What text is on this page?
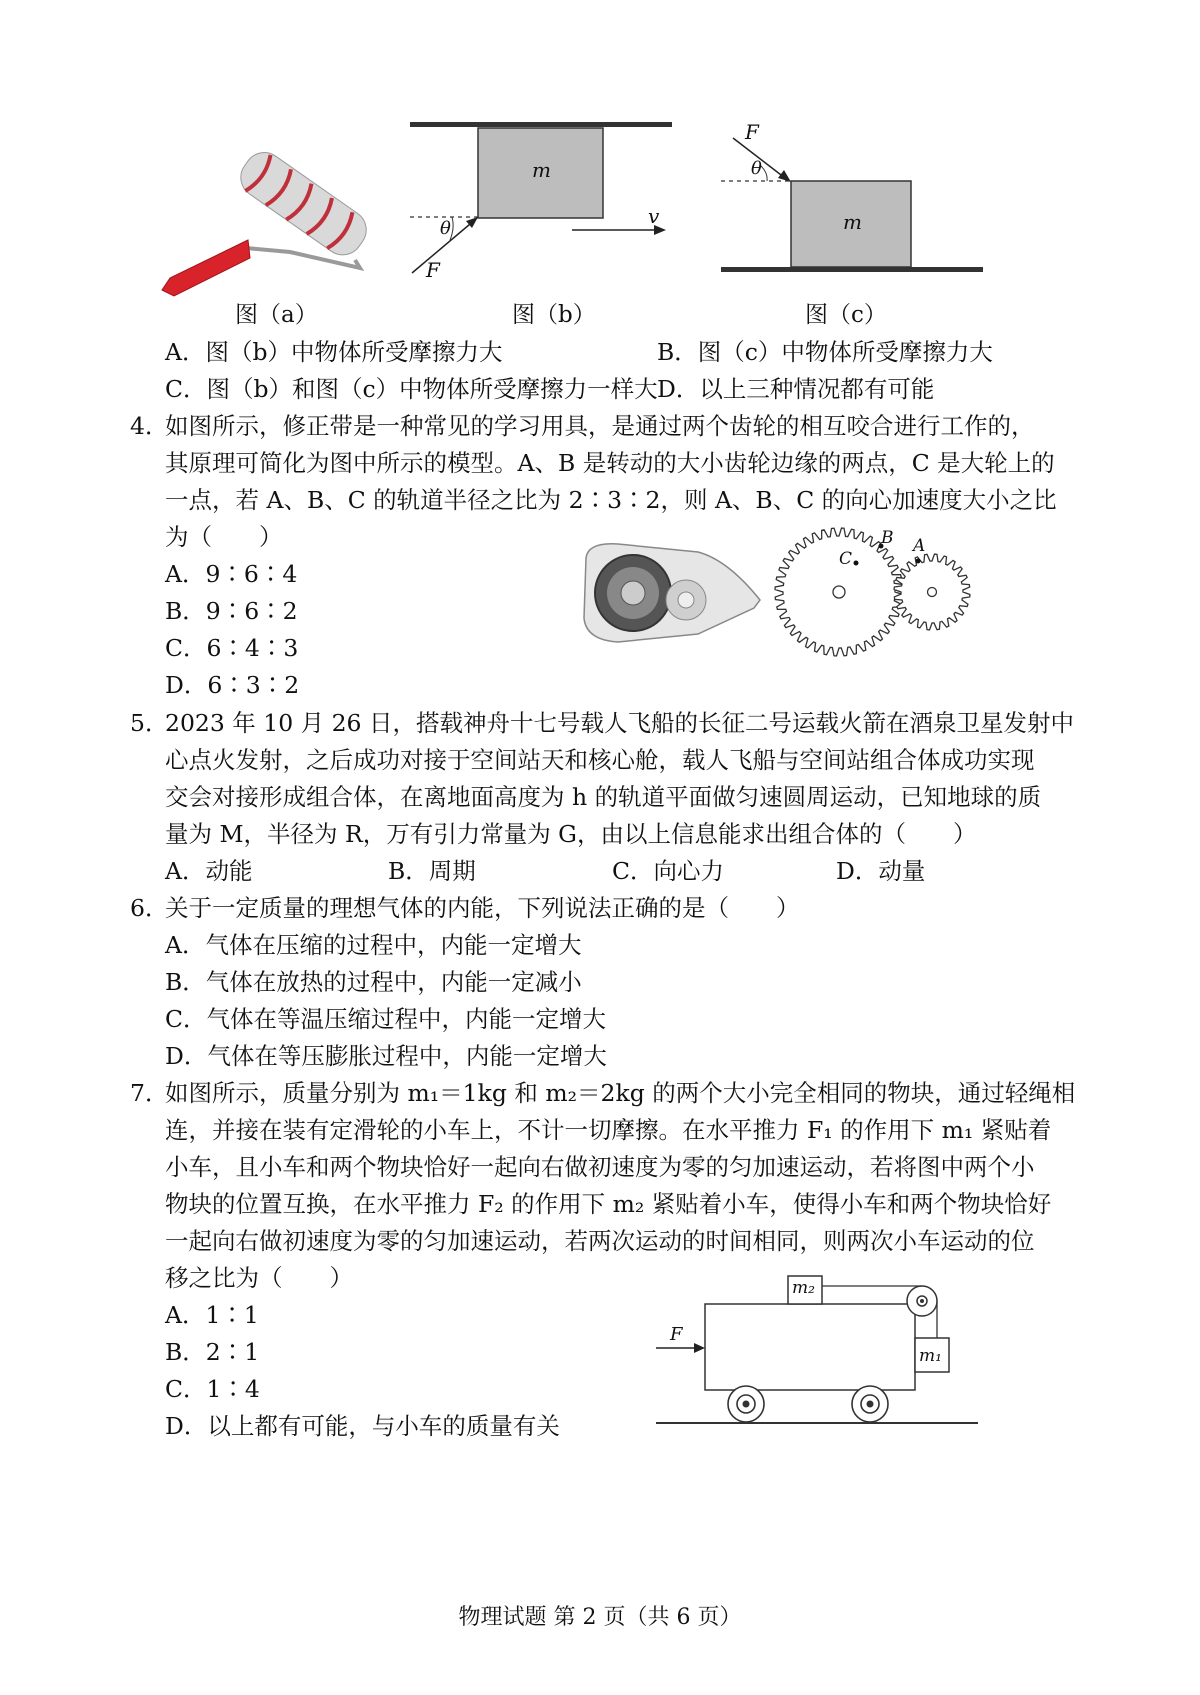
m
θ
F
v
F
θ
m
图（a）	图（b）	图（c）
A．图（b）中物体所受摩擦力大	B．图（c）中物体所受摩擦力大
C．图（b）和图（c）中物体所受摩擦力一样大 D．以上三种情况都有可能
4．
如图所示，修正带是一种常见的学习用具，是通过两个齿轮的相互咬合进行工作的，
其原理可简化为图中所示的模型。A、B 是转动的大小齿轮边缘的两点，C 是大轮上的
一点，若 A、B、C 的轨道半径之比为 2∶3∶2，则 A、B、C 的向心加速度大小之比
为（　　）
A．9∶6∶4
B．9∶6∶2
C．6∶4∶3
D．6∶3∶2
C
B A
5．
2023 年 10 月 26 日，搭载神舟十七号载人飞船的长征二号运载火箭在酒泉卫星发射中
心点火发射，之后成功对接于空间站天和核心舱，载人飞船与空间站组合体成功实现
交会对接形成组合体，在离地面高度为 h 的轨道平面做匀速圆周运动，已知地球的质
量为 M，半径为 R，万有引力常量为 G，由以上信息能求出组合体的（　　）
A．动能	B．周期	C．向心力	D．动量
6．
关于一定质量的理想气体的内能，下列说法正确的是（　　）
A．气体在压缩的过程中，内能一定增大
B．气体在放热的过程中，内能一定减小
C．气体在等温压缩过程中，内能一定增大
D．气体在等压膨胀过程中，内能一定增大
7．
如图所示，质量分别为 m₁＝1kg 和 m₂＝2kg 的两个大小完全相同的物块，通过轻绳相
连，并接在装有定滑轮的小车上，不计一切摩擦。在水平推力 F₁ 的作用下 m₁ 紧贴着
小车，且小车和两个物块恰好一起向右做初速度为零的匀加速运动，若将图中两个小
物块的位置互换，在水平推力 F₂ 的作用下 m₂ 紧贴着小车，使得小车和两个物块恰好
一起向右做初速度为零的匀加速运动，若两次运动的时间相同，则两次小车运动的位
移之比为（　　）
A．1∶1
B．2∶1
C．1∶4
D．以上都有可能，与小车的质量有关
m₂
m₁
F
物理试题 第 2 页（共 6 页）
